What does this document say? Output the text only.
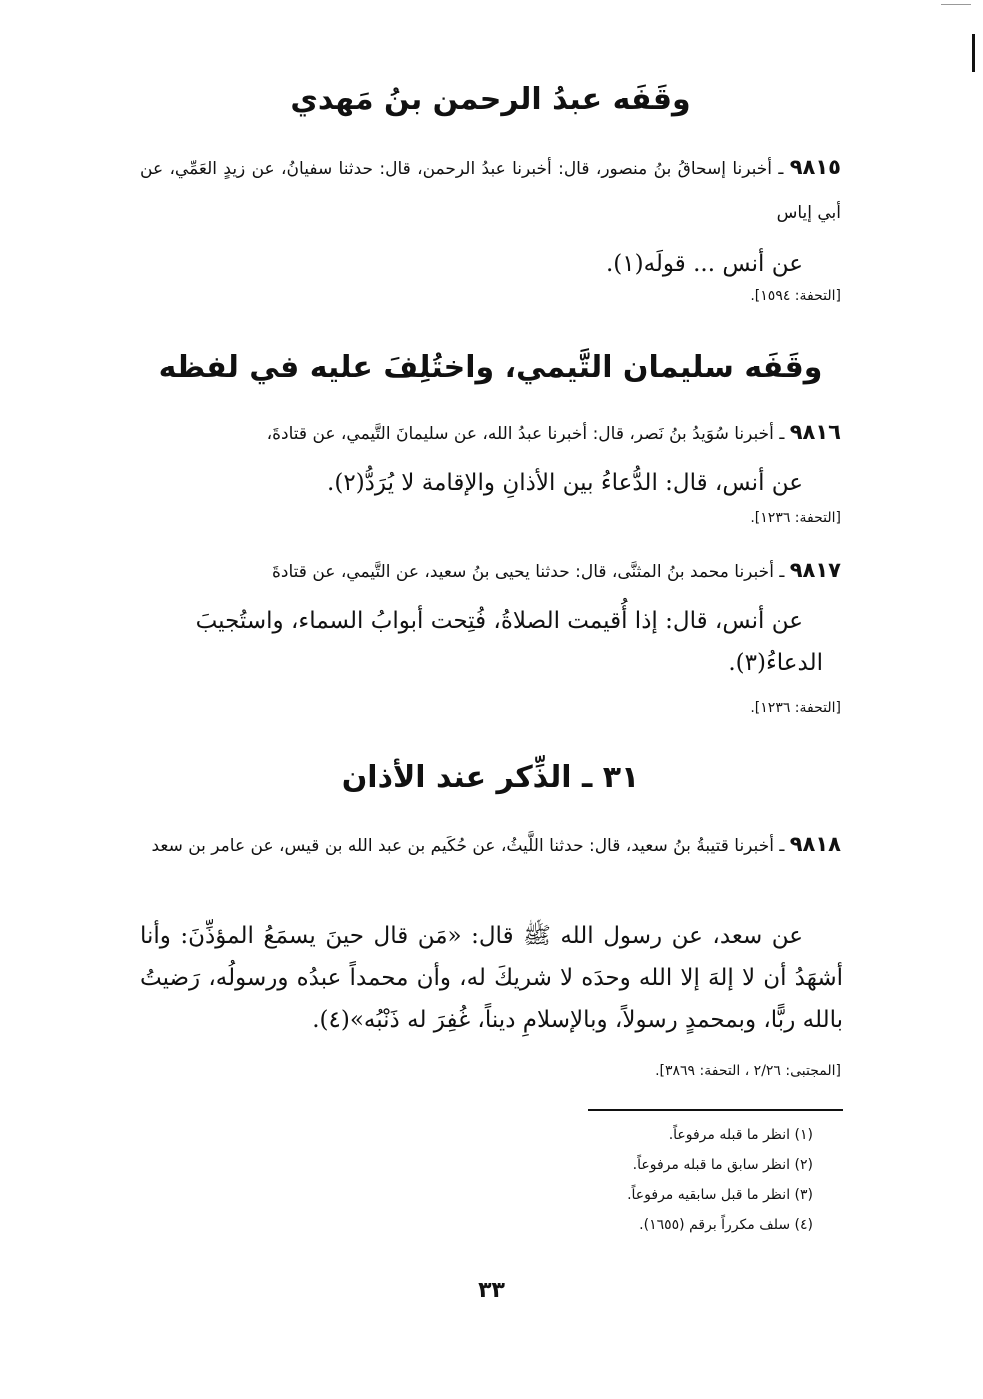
وقَفَه عبدُ الرحمن بنُ مَهدي
٩٨١٥ ـ أخبرنا إسحاقُ بنُ منصور، قال: أخبرنا عبدُ الرحمن، قال: حدثنا سفيانُ، عن زيدٍ العَمِّي، عن أبي إياس
عن أنس ... قولَه(١).
[التحفة: ١٥٩٤].
وقَفَه سليمان التَّيمي، واختُلِفَ عليه في لفظه
٩٨١٦ ـ أخبرنا سُوَيدُ بنُ نَصر، قال: أخبرنا عبدُ الله، عن سليمانَ التَّيمي، عن قتادةَ،
عن أنس، قال: الدُّعاءُ بين الأذانِ والإقامة لا يُرَدُّ(٢).
[التحفة: ١٢٣٦].
٩٨١٧ ـ أخبرنا محمد بنُ المثنَّى، قال: حدثنا يحيى بنُ سعيد، عن التَّيمي، عن قتادةَ
عن أنس، قال: إذا أُقيمت الصلاةُ، فُتِحت أبوابُ السماء، واستُجيبَ الدعاءُ(٣).
[التحفة: ١٢٣٦].
٣١ ـ الذِّكر عند الأذان
٩٨١٨ ـ أخبرنا قتيبةُ بنُ سعيد، قال: حدثنا اللَّيثُ، عن حُكَيم بن عبد الله بن قيس، عن عامر بن سعد
عن سعد، عن رسول الله ﷺ قال: «مَن قال حينَ يسمَعُ المؤذِّنَ: وأنا أشهَدُ أن لا إلهَ إلا الله وحدَه لا شريكَ له، وأن محمداً عبدُه ورسولُه، رَضيتُ بالله ربًّا، وبمحمدٍ رسولاً، وبالإسلامِ ديناً، غُفِرَ له ذَنْبُه»(٤).
[المجتبى: ٢/٢٦ ، التحفة: ٣٨٦٩].
(١) انظر ما قبله مرفوعاً.
(٢) انظر سابق ما قبله مرفوعاً.
(٣) انظر ما قبل سابقيه مرفوعاً.
(٤) سلف مكرراً برقم (١٦٥٥).
٣٣
